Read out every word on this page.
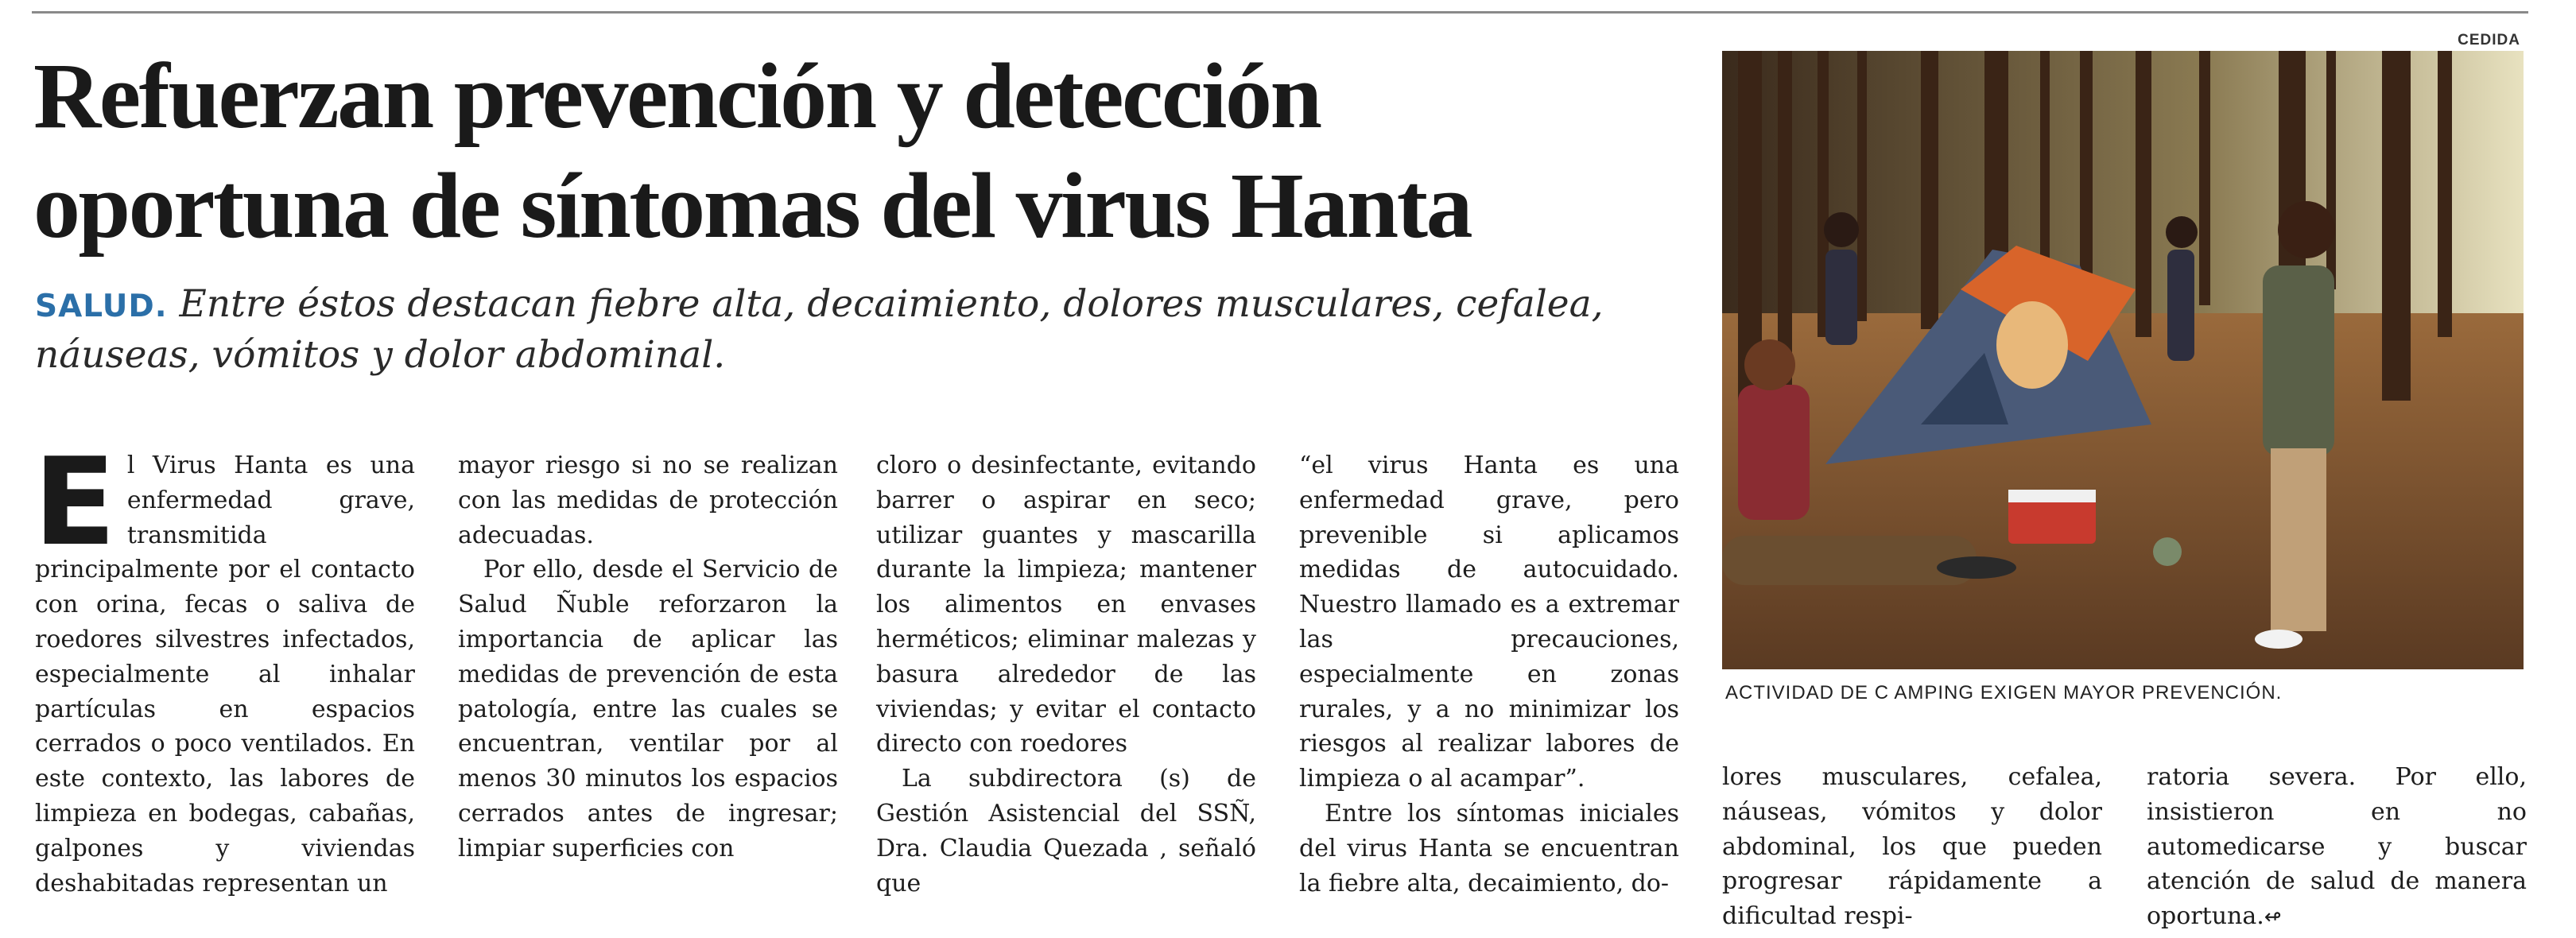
CEDIDA
Refuerzan prevención y detección oportuna de síntomas del virus Hanta

SALUD. Entre éstos destacan fiebre alta, decaimiento, dolores musculares, cefalea, náuseas, vómitos y dolor abdominal.

El Virus Hanta es una enfermedad grave, transmitida principalmente por el contacto con orina, fecas o saliva de roedores silvestres infectados, especialmente al inhalar partículas en espacios cerrados o poco ventilados. En este contexto, las labores de limpieza en bodegas, cabañas, galpones y viviendas deshabitadas representan un

mayor riesgo si no se realizan con las medidas de protección adecuadas.

Por ello, desde el Servicio de Salud Ñuble reforzaron la importancia de aplicar las medidas de prevención de esta patología, entre las cuales se encuentran, ventilar por al menos 30 minutos los espacios cerrados antes de ingresar; limpiar superficies con

cloro o desinfectante, evitando barrer o aspirar en seco; utilizar guantes y mascarilla durante la limpieza; mantener los alimentos en envases herméticos; eliminar malezas y basura alrededor de las viviendas; y evitar el contacto directo con roedores

La subdirectora (s) de Gestión Asistencial del SSÑ, Dra. Claudia Quezada , señaló que

“el virus Hanta es una enfermedad grave, pero prevenible si aplicamos medidas de autocuidado. Nuestro llamado es a extremar las precauciones, especialmente en zonas rurales, y a no minimizar los riesgos al realizar labores de limpieza o al acampar”.

Entre los síntomas iniciales del virus Hanta se encuentran la fiebre alta, decaimiento, do-

ACTIVIDAD DE C AMPING EXIGEN MAYOR PREVENCIÓN.

lores musculares, cefalea, náuseas, vómitos y dolor abdominal, los que pueden progresar rápidamente a dificultad respi-

ratoria severa. Por ello, insistieron en no automedicarse y buscar atención de salud de manera oportuna.↫
